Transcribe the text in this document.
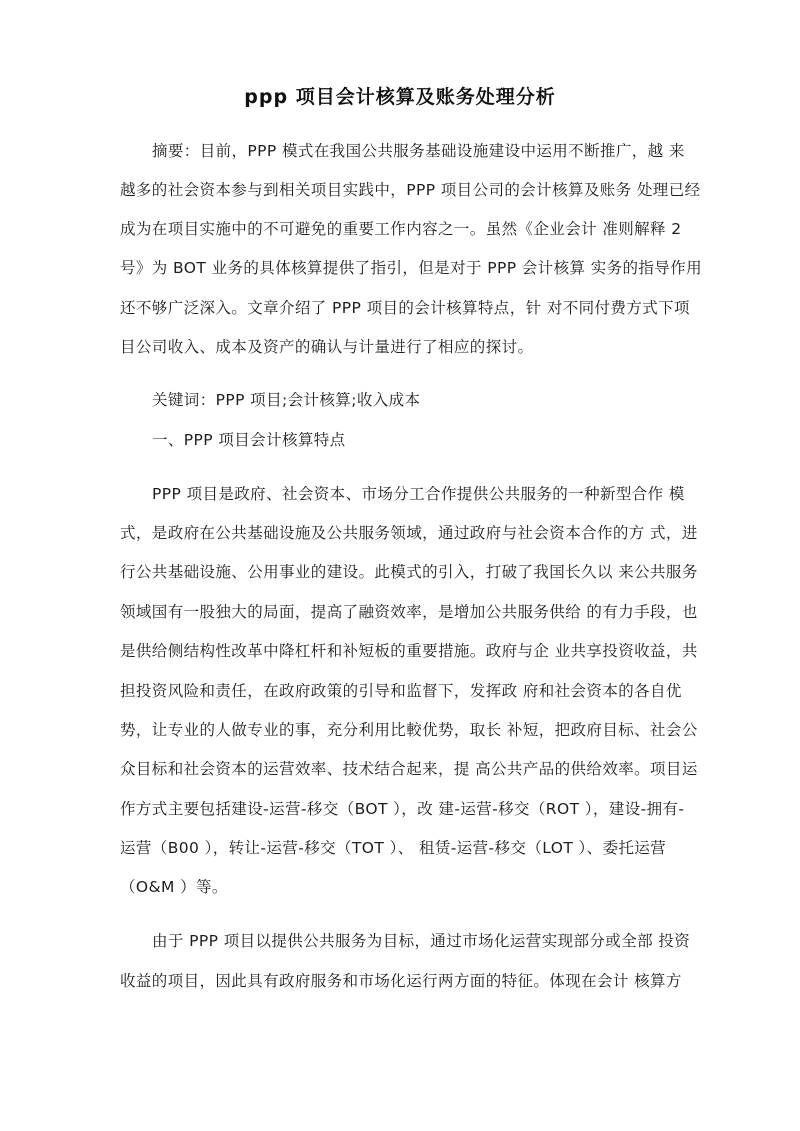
ppp 项目会计核算及账务处理分析
摘要：目前，PPP 模式在我国公共服务基础设施建设中运用不断推广，越 来
越多的社会资本参与到相关项目实践中，PPP 项目公司的会计核算及账务 处理已经
成为在项目实施中的不可避免的重要工作内容之一。虽然《企业会计 准则解释 2
号》为 BOT 业务的具体核算提供了指引，但是对于 PPP 会计核算 实务的指导作用
还不够广泛深入。文章介绍了 PPP 项目的会计核算特点，针 对不同付费方式下项
目公司收入、成本及资产的确认与计量进行了相应的探讨。
关键词：PPP 项目;会计核算;收入成本
一、PPP 项目会计核算特点
PPP 项目是政府、社会资本、市场分工合作提供公共服务的一种新型合作 模
式，是政府在公共基础设施及公共服务领域，通过政府与社会资本合作的方 式，进
行公共基础设施、公用事业的建设。此模式的引入，打破了我国长久以 来公共服务
领域国有一股独大的局面，提高了融资效率，是增加公共服务供给 的有力手段，也
是供给侧结构性改革中降杠杆和补短板的重要措施。政府与企 业共享投资收益，共
担投资风险和责任，在政府政策的引导和监督下，发挥政 府和社会资本的各自优
势，让专业的人做专业的事，充分利用比較优势，取长 补短，把政府目标、社会公
众目标和社会资本的运营效率、技术结合起来，提 高公共产品的供给效率。项目运
作方式主要包括建设-运营-移交（BOT ），改 建-运营-移交（ROT ），建设-拥有-
运营（B00 ），转让-运营-移交（TOT ）、 租赁-运营-移交（LOT ）、委托运营
（O&M ）等。
由于 PPP 项目以提供公共服务为目标，通过市场化运营实现部分或全部 投资
收益的项目，因此具有政府服务和市场化运行两方面的特征。体现在会计 核算方
